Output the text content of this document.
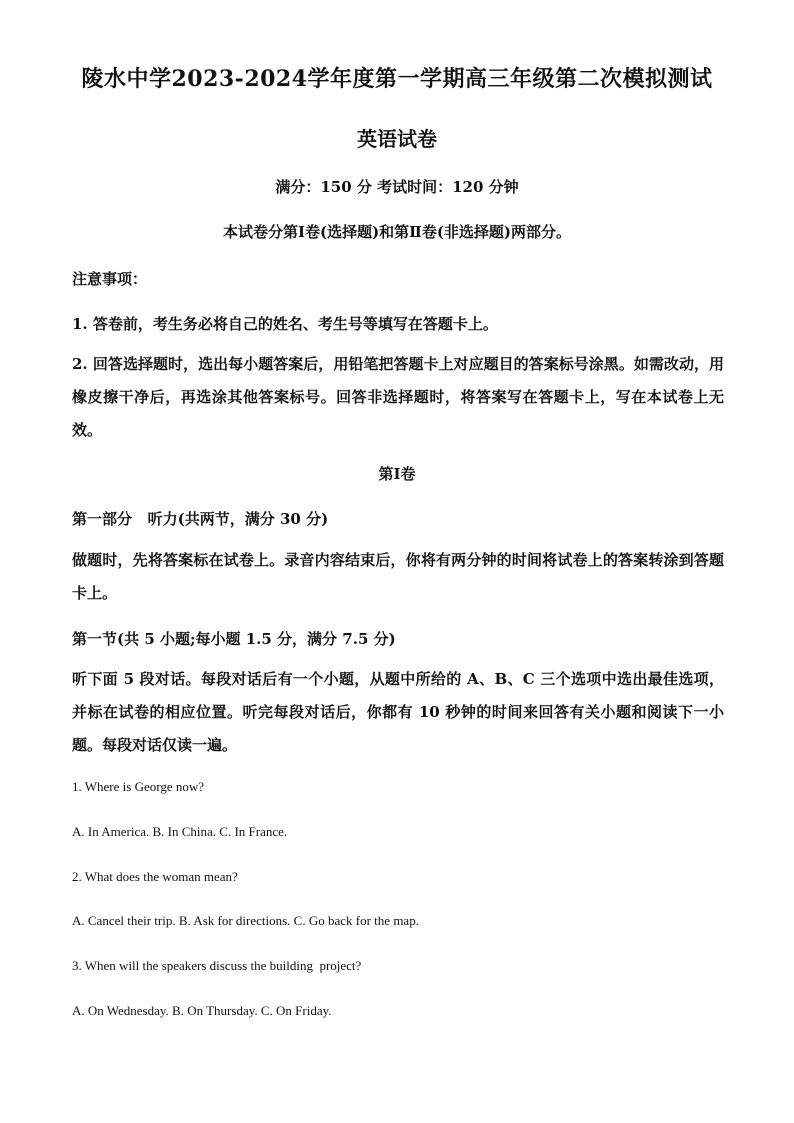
陵水中学2023-2024学年度第一学期高三年级第二次模拟测试
英语试卷
满分：150 分 考试时间：120 分钟
本试卷分第Ⅰ卷(选择题)和第Ⅱ卷(非选择题)两部分。
注意事项：
1. 答卷前，考生务必将自己的姓名、考生号等填写在答题卡上。
2. 回答选择题时，选出每小题答案后，用铅笔把答题卡上对应题目的答案标号涂黑。如需改动，用橡皮擦干净后，再选涂其他答案标号。回答非选择题时，将答案写在答题卡上，写在本试卷上无效。
第Ⅰ卷
第一部分   听力(共两节，满分 30 分)
做题时，先将答案标在试卷上。录音内容结束后，你将有两分钟的时间将试卷上的答案转涂到答题卡上。
第一节(共 5 小题;每小题 1.5 分，满分 7.5 分)
听下面 5 段对话。每段对话后有一个小题，从题中所给的 A、B、C 三个选项中选出最佳选项，并标在试卷的相应位置。听完每段对话后，你都有 10 秒钟的时间来回答有关小题和阅读下一小题。每段对话仅读一遍。
1. Where is George now?
A. In America. B. In China. C. In France.
2. What does the woman mean?
A. Cancel their trip. B. Ask for directions. C. Go back for the map.
3. When will the speakers discuss the building  project?
A. On Wednesday. B. On Thursday. C. On Friday.
